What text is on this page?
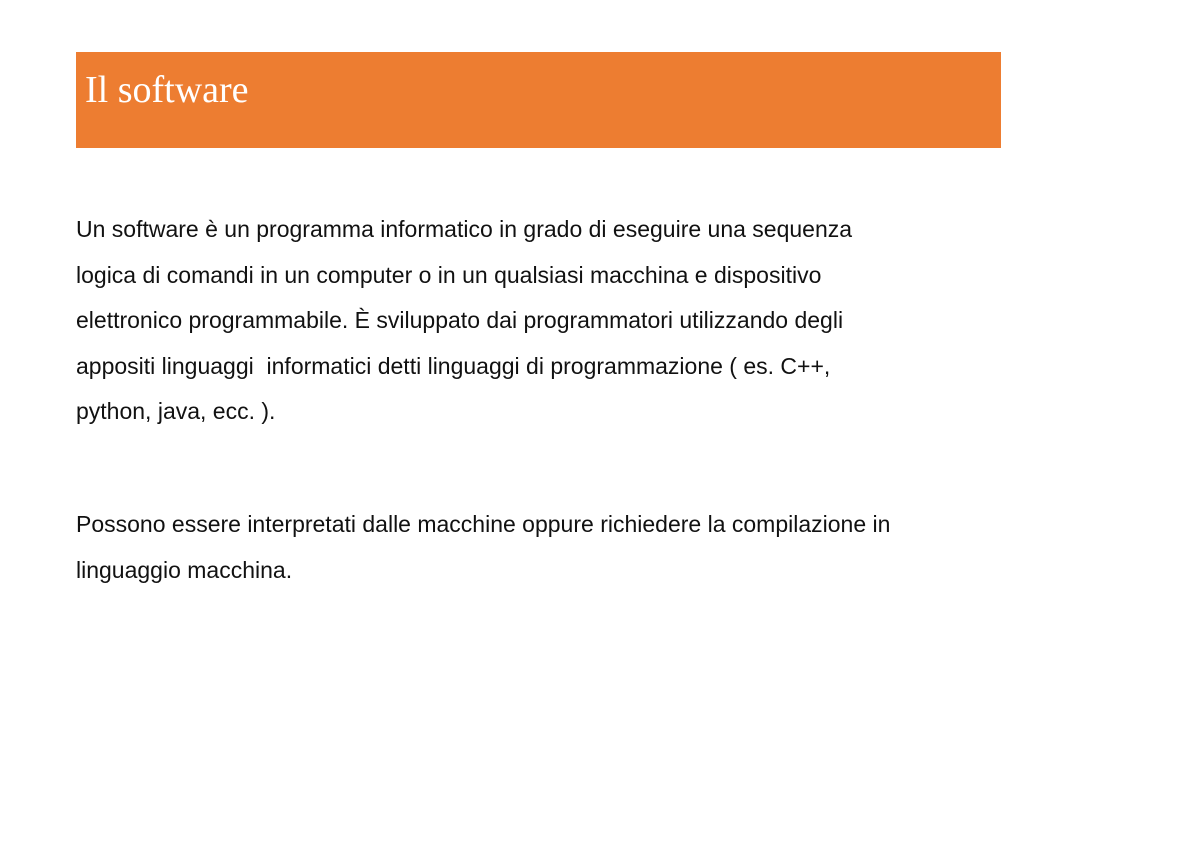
Il software
Un software è un programma informatico in grado di eseguire una sequenza
logica di comandi in un computer o in un qualsiasi macchina e dispositivo
elettronico programmabile. È sviluppato dai programmatori utilizzando degli
appositi linguaggi  informatici detti linguaggi di programmazione ( es. C++,
python, java, ecc. ).
Possono essere interpretati dalle macchine oppure richiedere la compilazione in
linguaggio macchina.
